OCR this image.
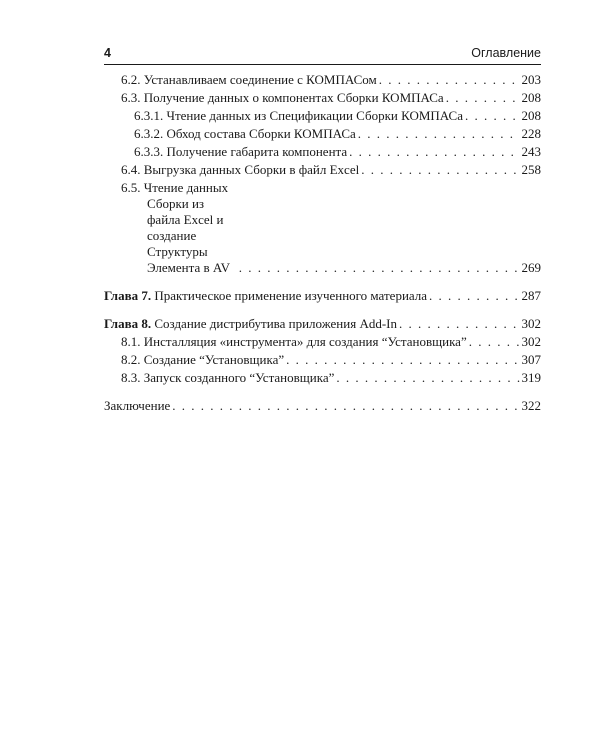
4	Оглавление
6.2. Устанавливаем соединение с КОМПАСом . . .	203
6.3. Получение данных о компонентах Сборки КОМПАСа . . .	208
6.3.1. Чтение данных из Спецификации Сборки КОМПАСа . . .	208
6.3.2. Обход состава Сборки КОМПАСа . . .	228
6.3.3. Получение габарита компонента . . .	243
6.4. Выгрузка данных Сборки в файл Excel . . .	258
6.5. Чтение данных Сборки из файла Excel и создание Структуры Элемента в AV . . .	269
Глава 7. Практическое применение изученного материала . . .	287
Глава 8. Создание дистрибутива приложения Add-In . . .	302
8.1. Инсталляция «инструмента» для создания “Установщика” . . .	302
8.2. Создание “Установщика” . . .	307
8.3. Запуск созданного “Установщика” . . .	319
Заключение . . .	322
